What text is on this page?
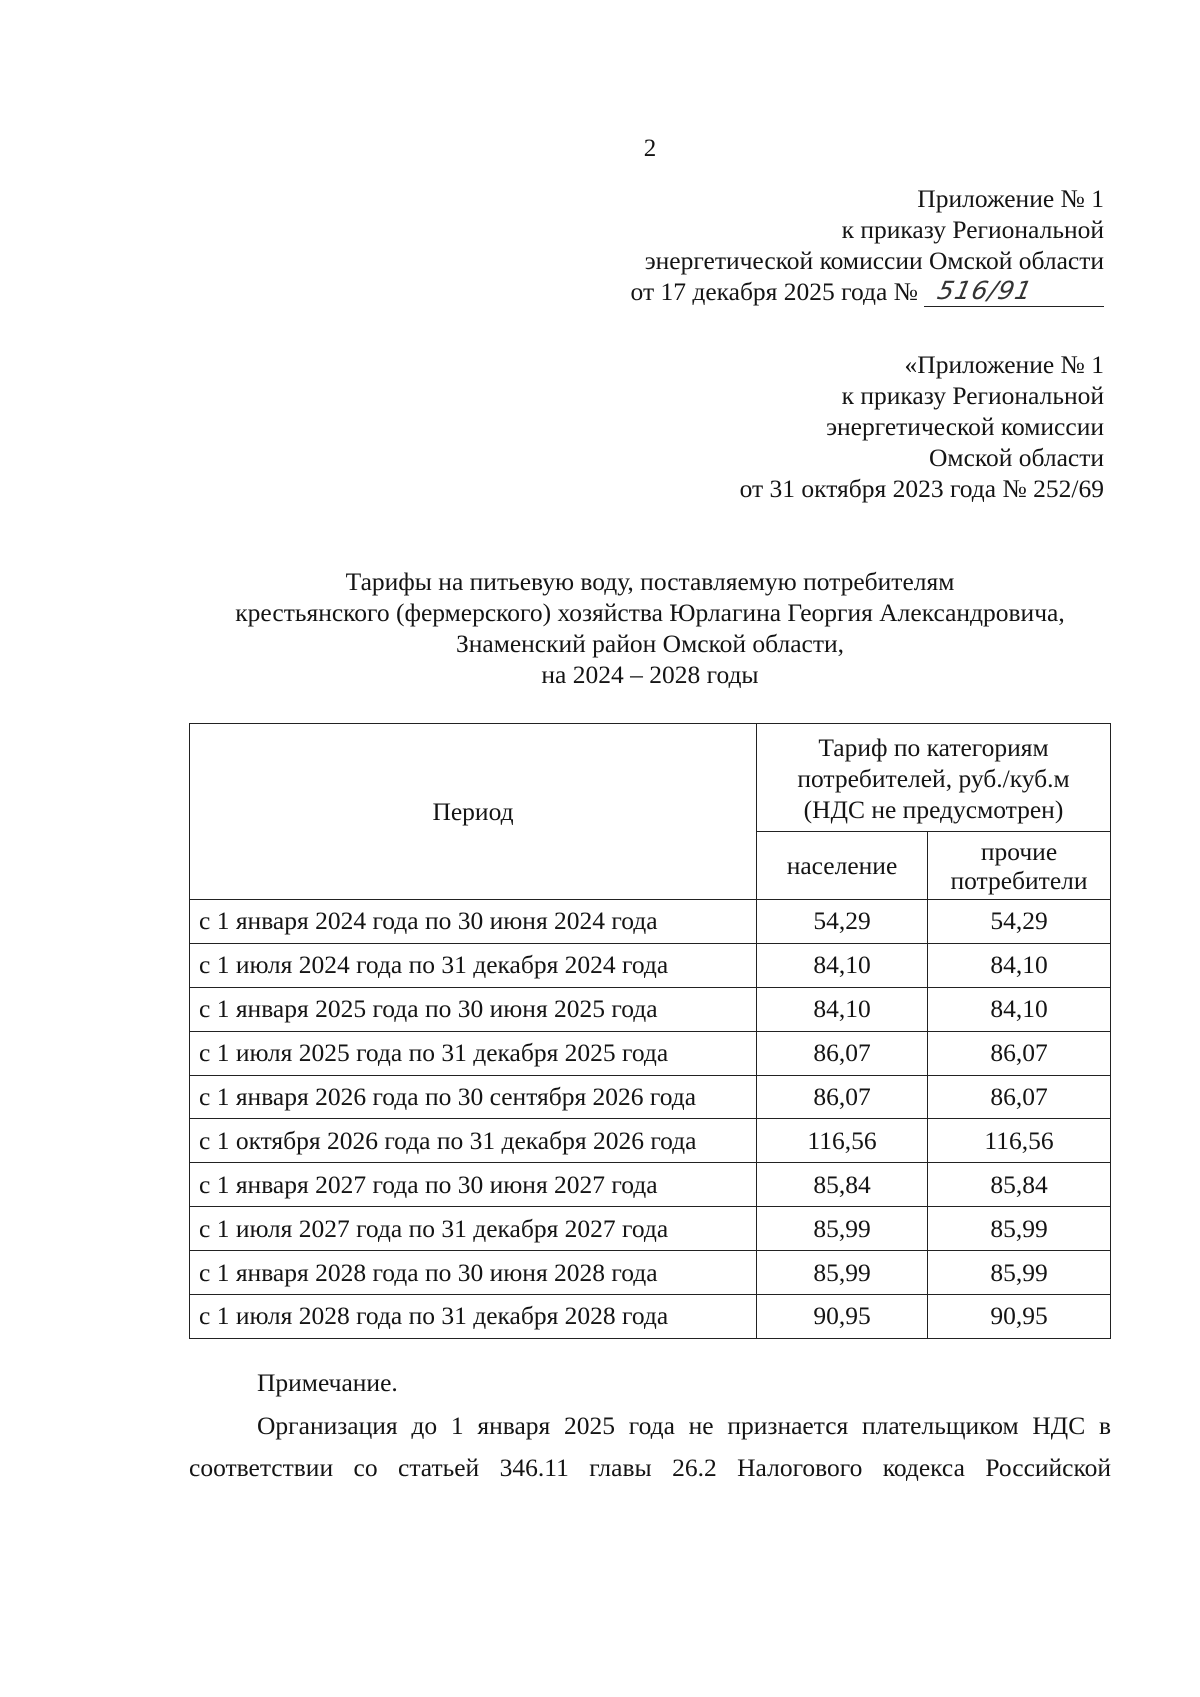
2
Приложение № 1
к приказу Региональной
энергетической комиссии Омской области
от 17 декабря 2025 года № 516/91
«Приложение № 1
к приказу Региональной
энергетической комиссии
Омской области
от 31 октября 2023 года № 252/69
Тарифы на питьевую воду, поставляемую потребителям
крестьянского (фермерского) хозяйства Юрлагина Георгия Александровича,
Знаменский район Омской области,
на 2024 – 2028 годы
Период	Тариф по категориям
потребителей, руб./куб.м
(НДС не предусмотрен)	

	население	прочие
потребители

с 1 января 2024 года по 30 июня 2024 года	54,29	54,29
с 1 июля 2024 года по 31 декабря 2024 года	84,10	84,10
с 1 января 2025 года по 30 июня 2025 года	84,10	84,10
с 1 июля 2025 года по 31 декабря 2025 года	86,07	86,07
с 1 января 2026 года по 30 сентября 2026 года	86,07	86,07
с 1 октября 2026 года по 31 декабря 2026 года	116,56	116,56
с 1 января 2027 года по 30 июня 2027 года	85,84	85,84
с 1 июля 2027 года по 31 декабря 2027 года	85,99	85,99
с 1 января 2028 года по 30 июня 2028 года	85,99	85,99
с 1 июля 2028 года по 31 декабря 2028 года	90,95	90,95
Примечание.
Организация до 1 января 2025 года не признается плательщиком НДС в соответствии со статьей 346.11 главы 26.2 Налогового кодекса Российской
